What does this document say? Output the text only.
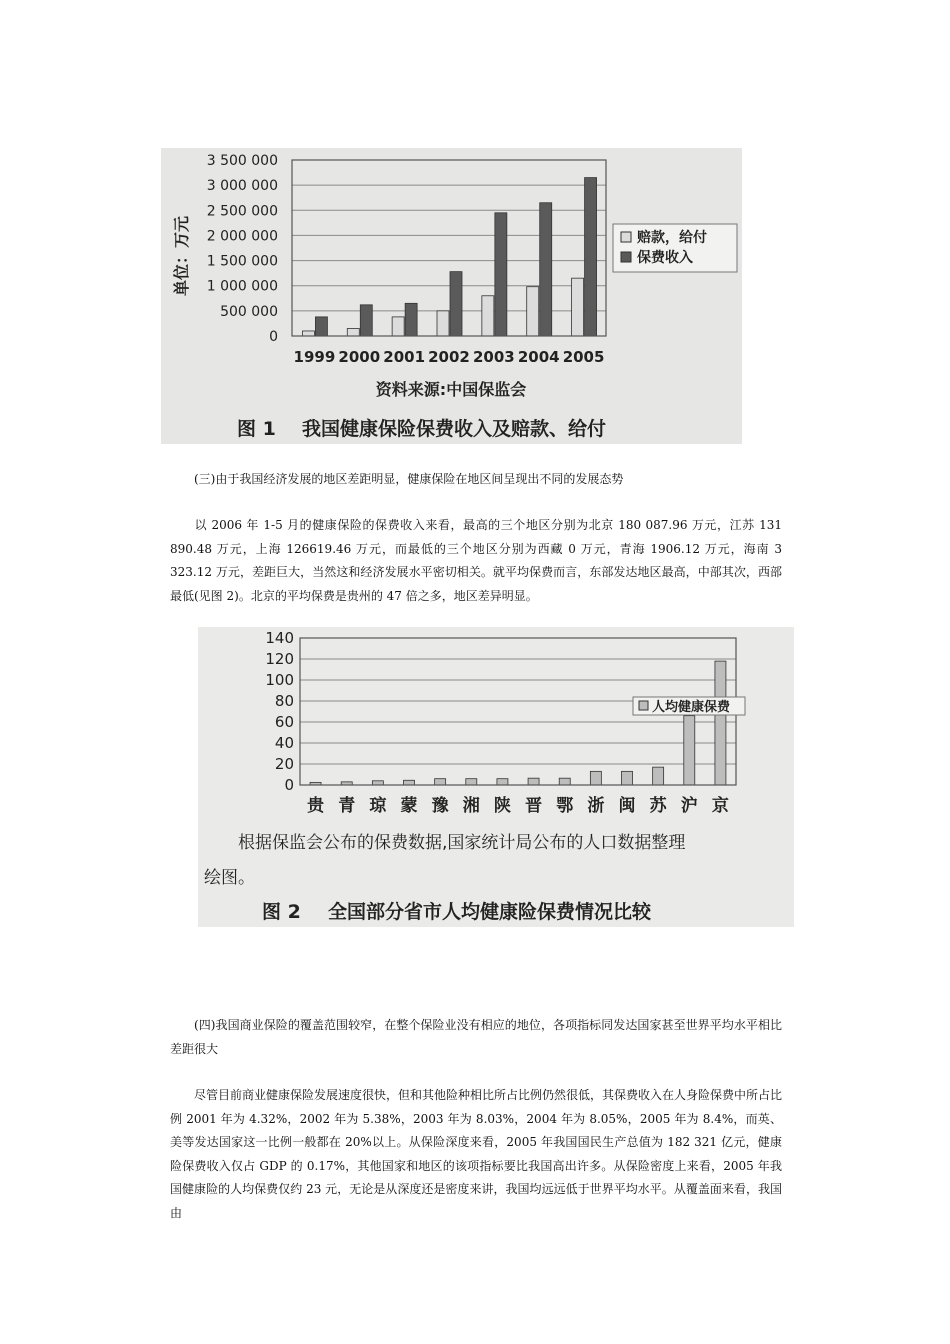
0
500 000
1 000 000
1 500 000
2 000 000
2 500 000
3 000 000
3 500 000
1999 2000 2001 2002 2003 2004 2005
单位：万元	赔款，给付
保费收入
资料来源:中国保监会
图 1 我国健康保险保费收入及赔款、给付

(三)由于我国经济发展的地区差距明显，健康保险在地区间呈现出不同的发展态势

以 2006 年 1-5 月的健康保险的保费收入来看，最高的三个地区分别为北京 180 087.96 万元，江苏 131 890.48 万元，上海 126619.46 万元，而最低的三个地区分别为西藏 0 万元，青海 1906.12 万元，海南 3 323.12 万元，差距巨大，当然这和经济发展水平密切相关。就平均保费而言，东部发达地区最高，中部其次，西部最低(见图 2)。北京的平均保费是贵州的 47 倍之多，地区差异明显。

0
20
40
60
80
100
120
140
贵 青 琼 蒙 豫 湘 陕 晋 鄂 浙 闽 苏 沪 京
人均健康保费
根据保监会公布的保费数据,国家统计局公布的人口数据整理
绘图。
图 2 全国部分省市人均健康险保费情况比较

(四)我国商业保险的覆盖范围较窄，在整个保险业没有相应的地位，各项指标同发达国家甚至世界平均水平相比差距很大

尽管目前商业健康保险发展速度很快，但和其他险种相比所占比例仍然很低，其保费收入在人身险保费中所占比例 2001 年为 4.32%，2002 年为 5.38%，2003 年为 8.03%，2004 年为 8.05%，2005 年为 8.4%，而英、美等发达国家这一比例一般都在 20%以上。从保险深度来看，2005 年我国国民生产总值为 182 321 亿元，健康险保费收入仅占 GDP 的 0.17%，其他国家和地区的该项指标要比我国高出许多。从保险密度上来看，2005 年我国健康险的人均保费仅约 23 元，无论是从深度还是密度来讲，我国均远远低于世界平均水平。从覆盖面来看，我国由
